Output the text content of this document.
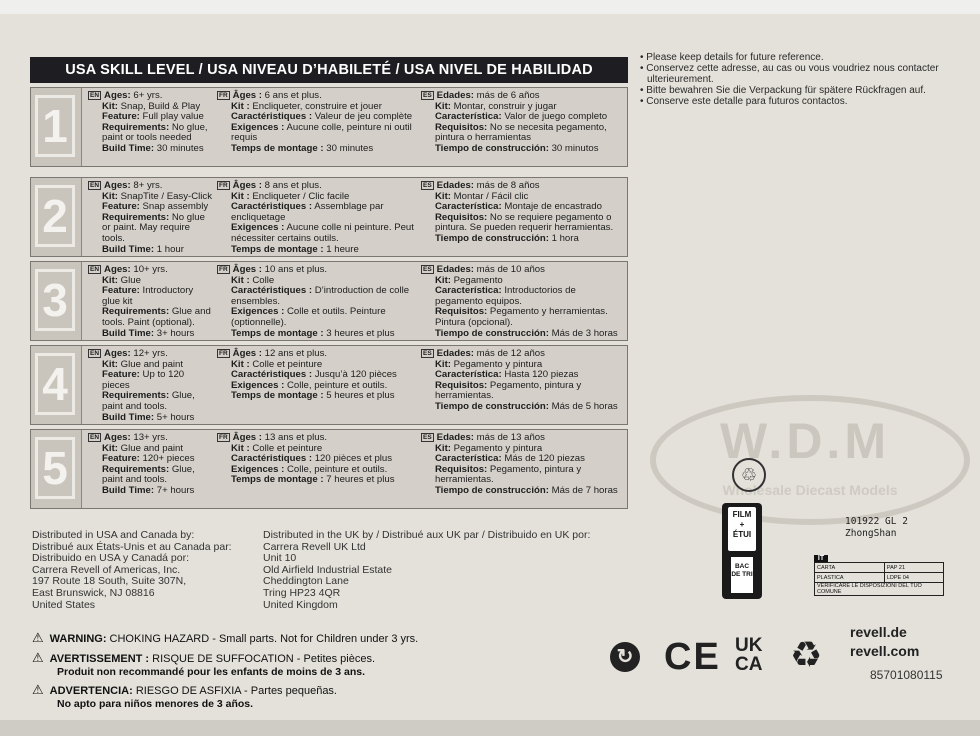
USA SKILL LEVEL / USA NIVEAU D’HABILETÉ / USA NIVEL DE HABILIDAD
• Please keep details for future reference.
• Conservez cette adresse, au cas ou vous voudriez nous contacter ulterieurement.
• Bitte bewahren Sie die Verpackung für spätere Rückfragen auf.
• Conserve este detalle para futuros contactos.
1
EN Ages: 6+ yrs.
Kit: Snap, Build & Play
Feature: Full play value
Requirements: No glue, paint or tools needed
Build Time: 30 minutes
FR Âges : 6 ans et plus.
Kit : Encliqueter, construire et jouer
Caractéristiques : Valeur de jeu complète
Exigences : Aucune colle, peinture ni outil requis
Temps de montage : 30 minutes
ES Edades: más de 6 años
Kit: Montar, construir y jugar
Característica: Valor de juego completo
Requisitos: No se necesita pegamento, pintura o herramientas
Tiempo de construcción: 30 minutos
2
EN Ages: 8+ yrs.
Kit: SnapTite / Easy-Click
Feature: Snap assembly
Requirements: No glue or paint. May require tools.
Build Time: 1 hour
FR Âges : 8 ans et plus.
Kit : Encliqueter / Clic facile
Caractéristiques : Assemblage par encliquetage
Exigences : Aucune colle ni peinture. Peut nécessiter certains outils.
Temps de montage : 1 heure
ES Edades: más de 8 años
Kit: Montar / Fácil clic
Característica: Montaje de encastrado
Requisitos: No se requiere pegamento o pintura. Se pueden requerir herramientas.
Tiempo de construcción: 1 hora
3
EN Ages: 10+ yrs.
Kit: Glue
Feature: Introductory glue kit
Requirements: Glue and tools. Paint (optional).
Build Time: 3+ hours
FR Âges : 10 ans et plus.
Kit : Colle
Caractéristiques : D’introduction de colle ensembles.
Exigences : Colle et outils. Peinture (optionnelle).
Temps de montage : 3 heures et plus
ES Edades: más de 10 años
Kit: Pegamento
Característica: Introductorios de pegamento equipos.
Requisitos: Pegamento y herramientas. Pintura (opcional).
Tiempo de construcción: Más de 3 horas
4
EN Ages: 12+ yrs.
Kit: Glue and paint
Feature: Up to 120 pieces
Requirements: Glue, paint and tools.
Build Time: 5+ hours
FR Âges : 12 ans et plus.
Kit : Colle et peinture
Caractéristiques : Jusqu’à 120 pièces
Exigences : Colle, peinture et outils.
Temps de montage : 5 heures et plus
ES Edades: más de 12 años
Kit: Pegamento y pintura
Característica: Hasta 120 piezas
Requisitos: Pegamento, pintura y herramientas.
Tiempo de construcción: Más de 5 horas
5
EN Ages: 13+ yrs.
Kit: Glue and paint
Feature: 120+ pieces
Requirements: Glue, paint and tools.
Build Time: 7+ hours
FR Âges : 13 ans et plus.
Kit : Colle et peinture
Caractéristiques : 120 pièces et plus
Exigences : Colle, peinture et outils.
Temps de montage : 7 heures et plus
ES Edades: más de 13 años
Kit: Pegamento y pintura
Característica: Más de 120 piezas
Requisitos: Pegamento, pintura y herramientas.
Tiempo de construcción: Más de 7 horas
Distributed in USA and Canada by:
Distribué aux États-Unis et au Canada par:
Distribuido en USA y Canadá por:
Carrera Revell of Americas, Inc.
197 Route 18 South, Suite 307N,
East Brunswick, NJ 08816
United States
Distributed in the UK by / Distribué aux UK par / Distribuido en UK por:
Carrera Revell UK Ltd
Unit 10
Old Airfield Industrial Estate
Cheddington Lane
Tring HP23 4QR
United Kingdom
⚠ WARNING: CHOKING HAZARD - Small parts. Not for Children under 3 yrs.
⚠ AVERTISSEMENT : RISQUE DE SUFFOCATION - Petites pièces.
Produit non recommandé pour les enfants de moins de 3 ans.
⚠ ADVERTENCIA: RIESGO DE ASFIXIA - Partes pequeñas.
No apto para niños menores de 3 años.
W.D.M
Wholesale Diecast Models
♲
FILM
+
ÉTUI
BAC DE TRI
101922 GL 2
ZhongShan
IT
CARTA	PAP 21
PLASTICA	LDPE 04
VERIFICARE LE DISPOSIZIONI DEL TUO COMUNE	
↻ CE UK CA ♻
revell.de
revell.com
85701080115
